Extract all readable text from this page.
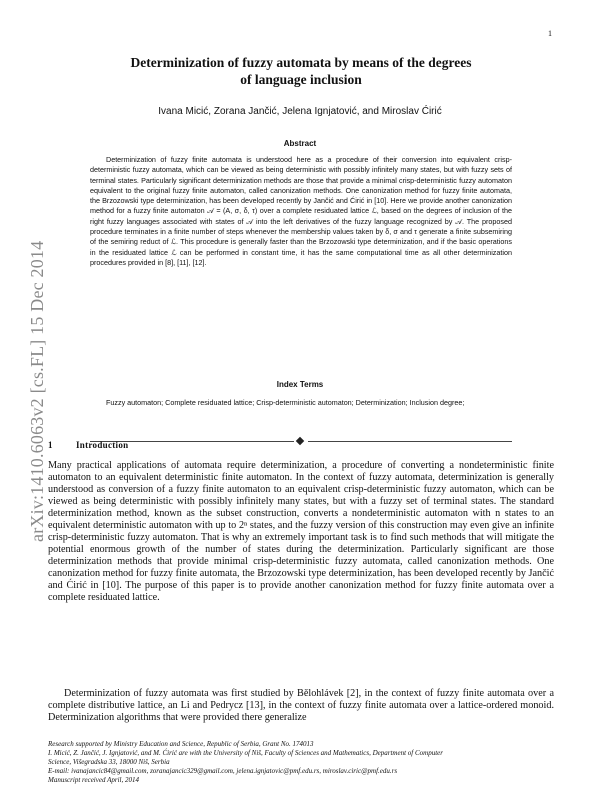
1
arXiv:1410.6063v2 [cs.FL] 15 Dec 2014
Determinization of fuzzy automata by means of the degrees
of language inclusion
Ivana Micić, Zorana Jančić, Jelena Ignjatović, and Miroslav Ćirić
Abstract
Determinization of fuzzy finite automata is understood here as a procedure of their conversion into equivalent crisp-deterministic fuzzy automata, which can be viewed as being deterministic with possibly infinitely many states, but with fuzzy sets of terminal states. Particularly significant determinization methods are those that provide a minimal crisp-deterministic fuzzy automaton equivalent to the original fuzzy finite automaton, called canonization methods. One canonization method for fuzzy finite automata, the Brzozowski type determinization, has been developed recently by Jančić and Ćirić in [10]. Here we provide another canonization method for a fuzzy finite automaton 𝒜 = (A, σ, δ, τ) over a complete residuated lattice ℒ, based on the degrees of inclusion of the right fuzzy languages associated with states of 𝒜 into the left derivatives of the fuzzy language recognized by 𝒜. The proposed procedure terminates in a finite number of steps whenever the membership values taken by δ, σ and τ generate a finite subsemiring of the semiring reduct of ℒ. This procedure is generally faster than the Brzozowski type determinization, and if the basic operations in the residuated lattice ℒ can be performed in constant time, it has the same computational time as all other determinization procedures provided in [8], [11], [12].
Index Terms
Fuzzy automaton; Complete residuated lattice; Crisp-deterministic automaton; Determinization; Inclusion degree;
1	Introduction
Many practical applications of automata require determinization, a procedure of converting a nondeterministic finite automaton to an equivalent deterministic finite automaton. In the context of fuzzy automata, determinization is generally understood as conversion of a fuzzy finite automaton to an equivalent crisp-deterministic fuzzy automaton, which can be viewed as being deterministic with possibly infinitely many states, but with a fuzzy set of terminal states. The standard determinization method, known as the subset construction, converts a nondeterministic automaton with n states to an equivalent deterministic automaton with up to 2ⁿ states, and the fuzzy version of this construction may even give an infinite crisp-deterministic fuzzy automaton. That is why an extremely important task is to find such methods that will mitigate the potential enormous growth of the number of states during the determinization. Particularly significant are those determinization methods that provide minimal crisp-deterministic fuzzy automata, called canonization methods. One canonization method for fuzzy finite automata, the Brzozowski type determinization, has been developed recently by Jančić and Ćirić in [10]. The purpose of this paper is to provide another canonization method for fuzzy finite automata over a complete residuated lattice.
Determinization of fuzzy automata was first studied by Bělohlávek [2], in the context of fuzzy finite automata over a complete distributive lattice, an Li and Pedrycz [13], in the context of fuzzy finite automata over a lattice-ordered monoid. Determinization algorithms that were provided there generalize
Research supported by Ministry Education and Science, Republic of Serbia, Grant No. 174013
I. Micić, Z. Jančić, J. Ignjatović, and M. Ćirić are with the University of Niš, Faculty of Sciences and Mathematics, Department of Computer
Science, Višegradska 33, 18000 Niš, Serbia
E-mail: ivanajancic84@gmail.com, zoranajancic329@gmail.com, jelena.ignjatovic@pmf.edu.rs, miroslav.ciric@pmf.edu.rs
Manuscript received April, 2014
